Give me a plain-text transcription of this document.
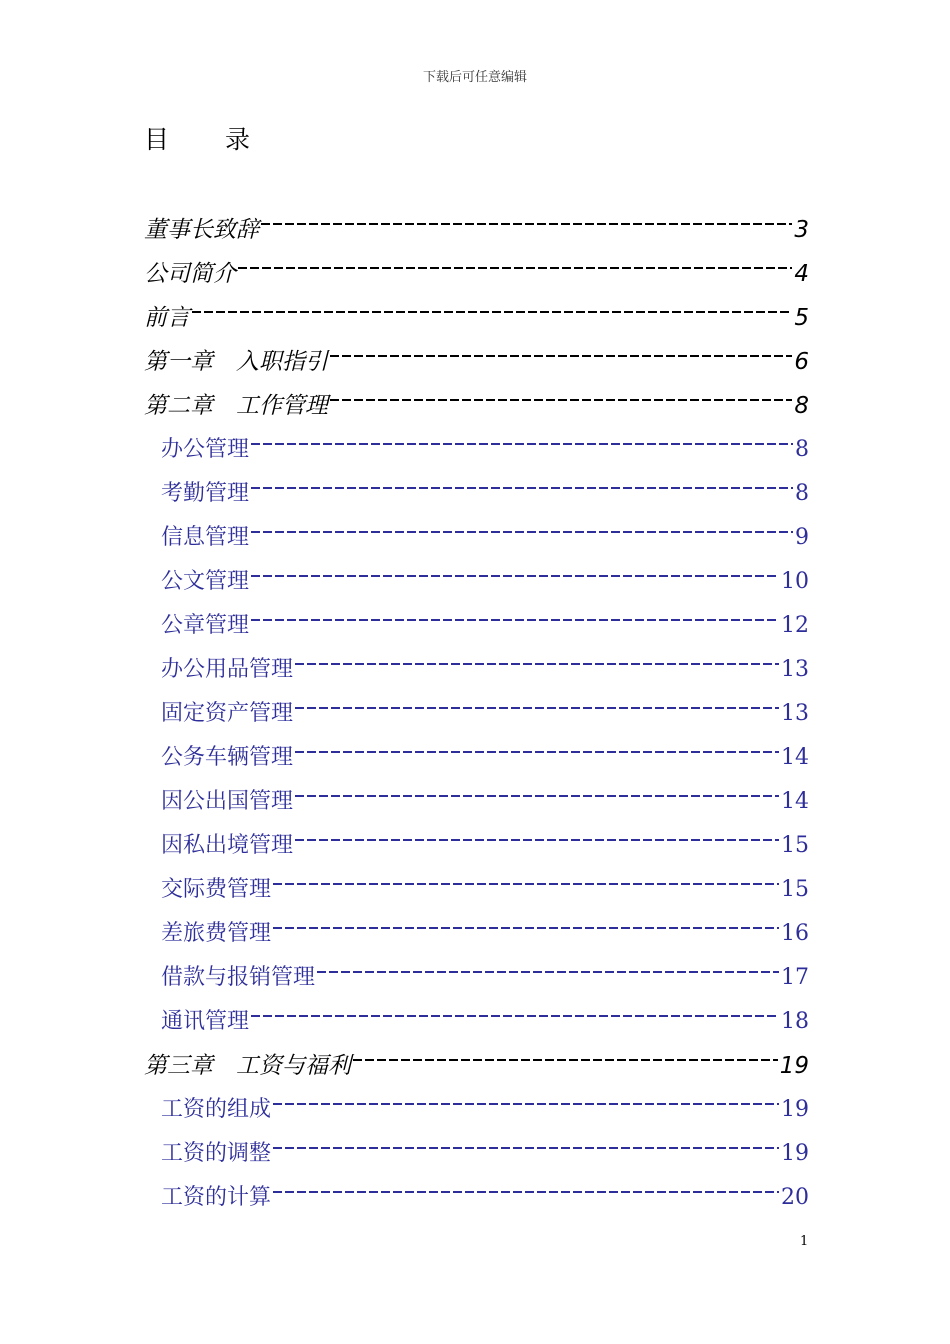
下载后可任意编辑
目 录
董事长致辞	3
公司简介	4
前言	5
第一章　入职指引	6
第二章　工作管理	8
办公管理	8
考勤管理	8
信息管理	9
公文管理	10
公章管理	12
办公用品管理	13
固定资产管理	13
公务车辆管理	14
因公出国管理	14
因私出境管理	15
交际费管理	15
差旅费管理	16
借款与报销管理	17
通讯管理	18
第三章　工资与福利	19
工资的组成	19
工资的调整	19
工资的计算	20
1
